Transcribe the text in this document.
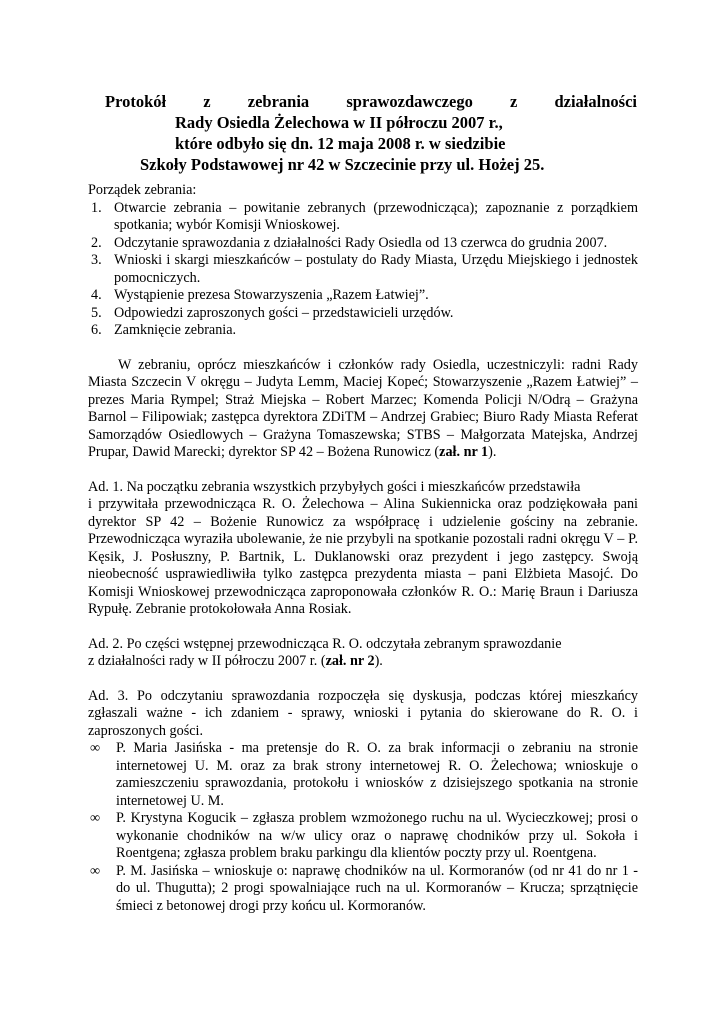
Protokół z zebrania sprawozdawczego z działalności
Rady Osiedla Żelechowa w II półroczu 2007 r.,
które odbyło się dn. 12 maja 2008 r. w siedzibie
Szkoły Podstawowej nr 42 w Szczecinie przy ul. Hożej 25.

Porządek zebrania:

1. Otwarcie zebrania – powitanie zebranych (przewodnicząca); zapoznanie z porządkiem spotkania; wybór Komisji Wnioskowej.
2. Odczytanie sprawozdania z działalności Rady Osiedla od 13 czerwca do grudnia 2007.
3. Wnioski i skargi mieszkańców – postulaty do Rady Miasta, Urzędu Miejskiego i jednostek pomocniczych.
4. Wystąpienie prezesa Stowarzyszenia „Razem Łatwiej”.
5. Odpowiedzi zaproszonych gości – przedstawicieli urzędów.
6. Zamknięcie zebrania.

W zebraniu, oprócz mieszkańców i członków rady Osiedla, uczestniczyli: radni Rady Miasta Szczecin V okręgu – Judyta Lemm, Maciej Kopeć; Stowarzyszenie „Razem Łatwiej” – prezes Maria Rympel; Straż Miejska – Robert Marzec; Komenda Policji N/Odrą – Grażyna Barnol – Filipowiak; zastępca dyrektora ZDiTM – Andrzej Grabiec; Biuro Rady Miasta Referat Samorządów Osiedlowych – Grażyna Tomaszewska; STBS – Małgorzata Matejska, Andrzej Prupar, Dawid Marecki; dyrektor SP 42 – Bożena Runowicz (zał. nr 1).

Ad. 1. Na początku zebrania wszystkich przybyłych gości i mieszkańców przedstawiła
i przywitała przewodnicząca R. O. Żelechowa – Alina Sukiennicka oraz podziękowała pani dyrektor SP 42 – Bożenie Runowicz za współpracę i udzielenie gościny na zebranie. Przewodnicząca wyraziła ubolewanie, że nie przybyli na spotkanie pozostali radni okręgu V – P. Kęsik, J. Posłuszny, P. Bartnik, L. Duklanowski oraz prezydent i jego zastępcy. Swoją nieobecność usprawiedliwiła tylko zastępca prezydenta miasta – pani Elżbieta Masojć. Do Komisji Wnioskowej przewodnicząca zaproponowała członków R. O.: Marię Braun i Dariusza Rypułę. Zebranie protokołowała Anna Rosiak.

Ad. 2. Po części wstępnej przewodnicząca R. O. odczytała zebranym sprawozdanie
z działalności rady w II półroczu 2007 r. (zał. nr 2).

Ad. 3. Po odczytaniu sprawozdania rozpoczęła się dyskusja, podczas której mieszkańcy zgłaszali ważne - ich zdaniem - sprawy, wnioski i pytania do skierowane do R. O. i zaproszonych gości.

∞	P. Maria Jasińska - ma pretensje do R. O. za brak informacji o zebraniu na stronie internetowej U. M. oraz za brak strony internetowej R. O. Żelechowa; wnioskuje o zamieszczeniu sprawozdania, protokołu i wniosków z dzisiejszego spotkania na stronie internetowej U. M.
∞	P. Krystyna Kogucik – zgłasza problem wzmożonego ruchu na ul. Wycieczkowej; prosi o wykonanie chodników na w/w ulicy oraz o naprawę chodników przy ul. Sokoła i Roentgena; zgłasza problem braku parkingu dla klientów poczty przy ul. Roentgena.
∞	P. M. Jasińska – wnioskuje o: naprawę chodników na ul. Kormoranów (od nr 41 do nr 1 - do ul. Thugutta); 2 progi spowalniające ruch na ul. Kormoranów – Krucza; sprzątnięcie śmieci z betonowej drogi przy końcu ul. Kormoranów.
